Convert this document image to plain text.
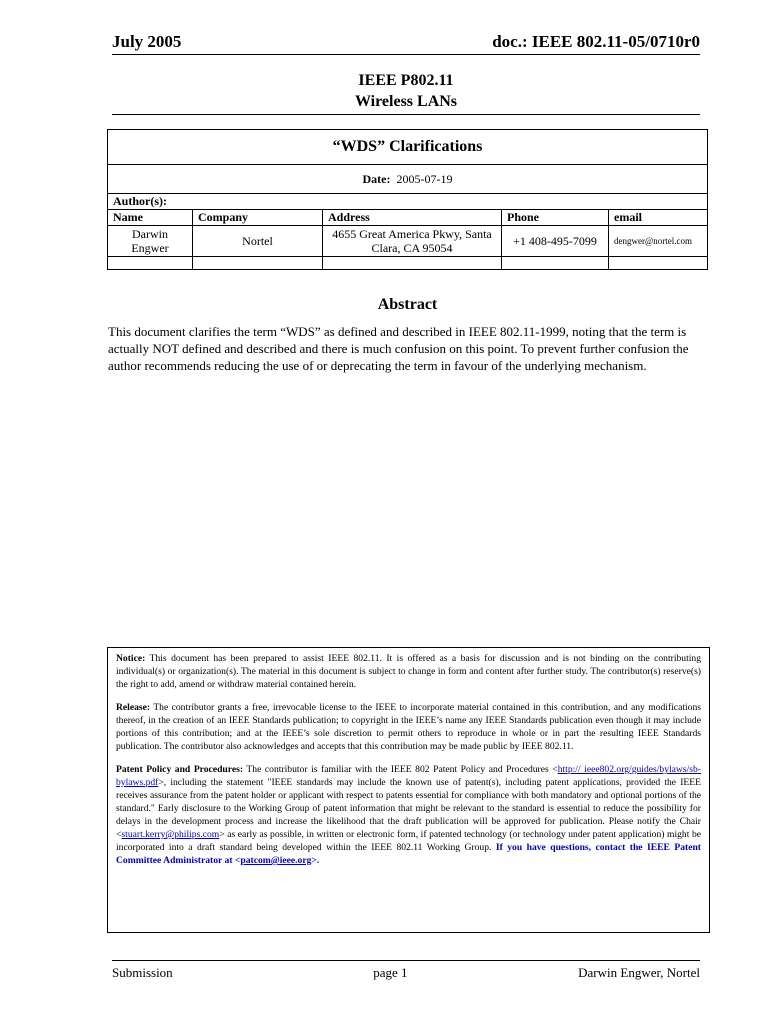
July 2005	doc.: IEEE 802.11-05/0710r0
IEEE P802.11
Wireless LANs
“WDS” Clarifications				
Date: 2005-07-19				
Author(s):				
Name	Company	Address	Phone	email
Darwin Engwer	Nortel	4655 Great America Pkwy, Santa Clara, CA 95054	+1 408-495-7099	dengwer@nortel.com

Abstract
This document clarifies the term “WDS” as defined and described in IEEE 802.11-1999, noting that the term is actually NOT defined and described and there is much confusion on this point. To prevent further confusion the author recommends reducing the use of or deprecating the term in favour of the underlying mechanism.

Notice: This document has been prepared to assist IEEE 802.11. It is offered as a basis for discussion and is not binding on the contributing individual(s) or organization(s). The material in this document is subject to change in form and content after further study. The contributor(s) reserve(s) the right to add, amend or withdraw material contained herein.

Release: The contributor grants a free, irrevocable license to the IEEE to incorporate material contained in this contribution, and any modifications thereof, in the creation of an IEEE Standards publication; to copyright in the IEEE’s name any IEEE Standards publication even though it may include portions of this contribution; and at the IEEE’s sole discretion to permit others to reproduce in whole or in part the resulting IEEE Standards publication. The contributor also acknowledges and accepts that this contribution may be made public by IEEE 802.11.

Patent Policy and Procedures: The contributor is familiar with the IEEE 802 Patent Policy and Procedures <http:// ieee802.org/guides/bylaws/sb-bylaws.pdf>, including the statement "IEEE standards may include the known use of patent(s), including patent applications, provided the IEEE receives assurance from the patent holder or applicant with respect to patents essential for compliance with both mandatory and optional portions of the standard." Early disclosure to the Working Group of patent information that might be relevant to the standard is essential to reduce the possibility for delays in the development process and increase the likelihood that the draft publication will be approved for publication. Please notify the Chair <stuart.kerry@philips.com> as early as possible, in written or electronic form, if patented technology (or technology under patent application) might be incorporated into a draft standard being developed within the IEEE 802.11 Working Group. If you have questions, contact the IEEE Patent Committee Administrator at <patcom@ieee.org>.

Submission	page 1	Darwin Engwer, Nortel
